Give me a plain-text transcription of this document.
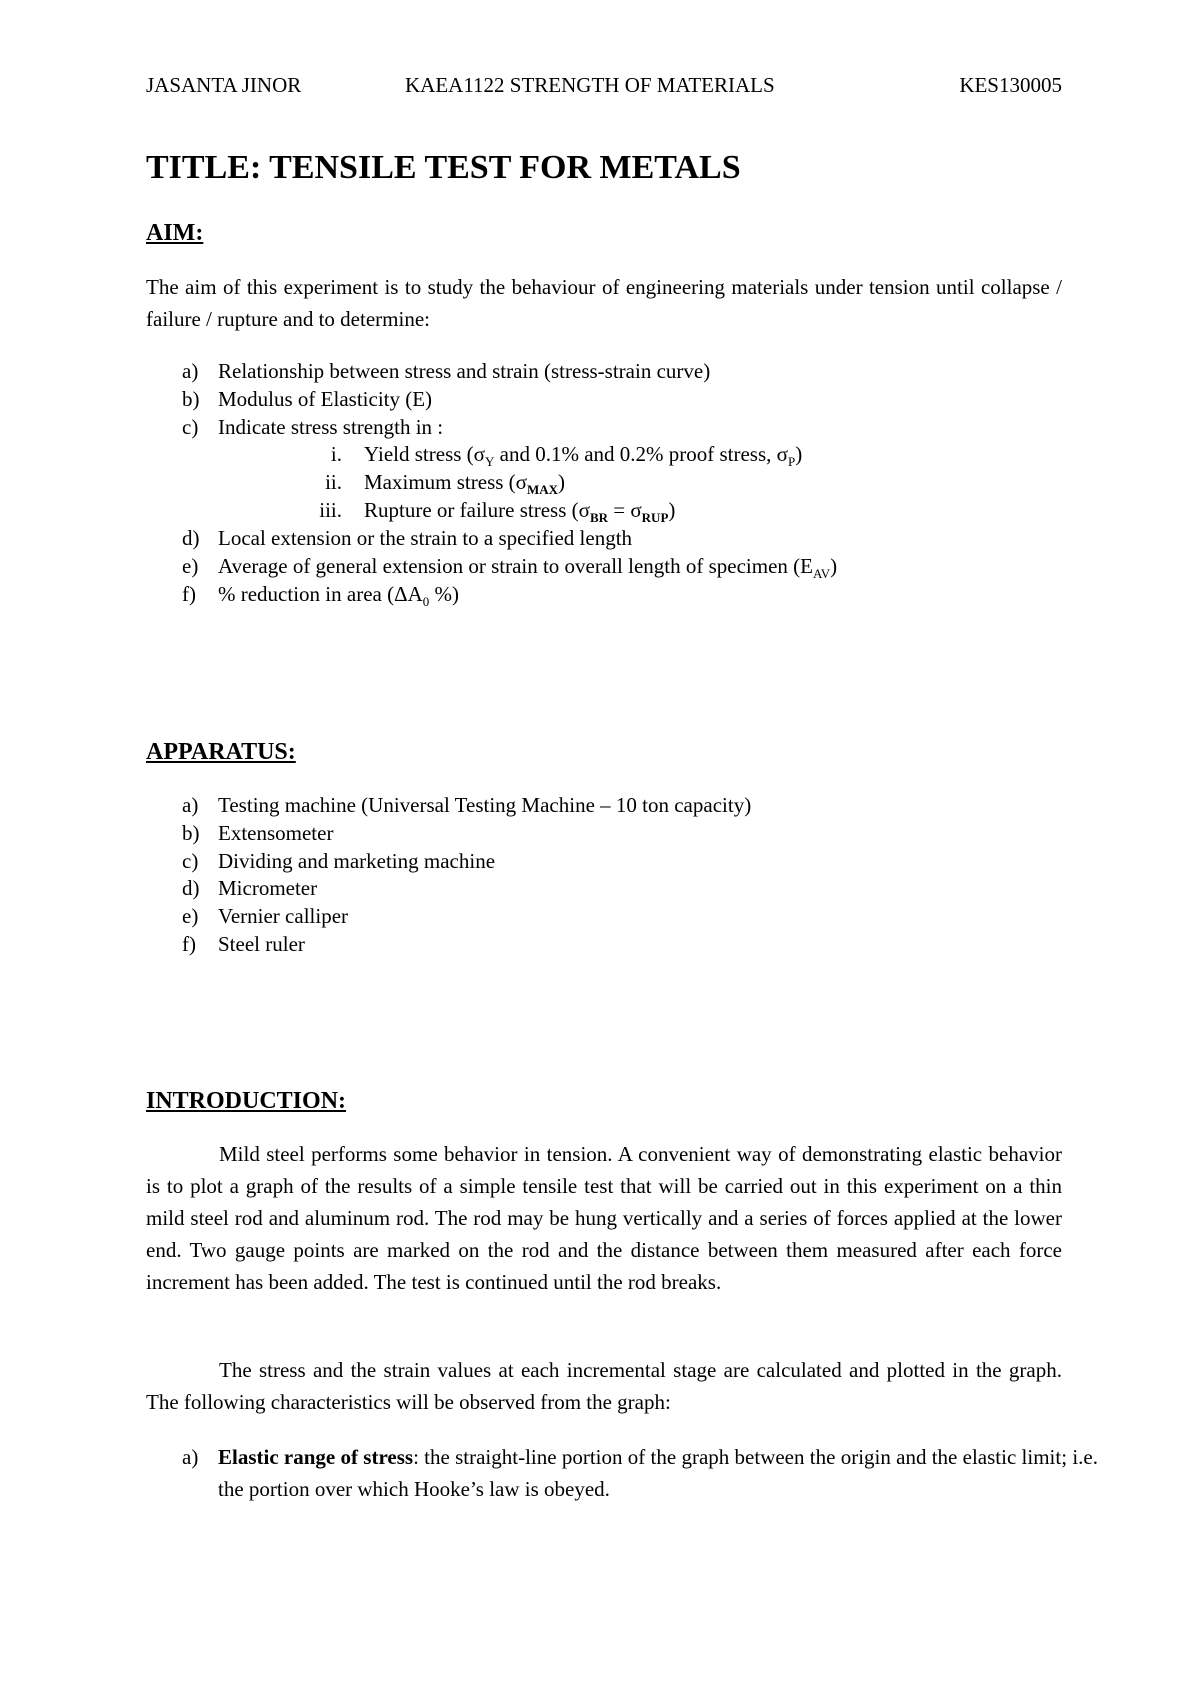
JASANTA JINOR	KAEA1122 STRENGTH OF MATERIALS	KES130005
TITLE: TENSILE TEST FOR METALS
AIM:

The aim of this experiment is to study the behaviour of engineering materials under tension until collapse / failure / rupture and to determine:

a) Relationship between stress and strain (stress-strain curve)
b) Modulus of Elasticity (E)
c) Indicate stress strength in :
i. Yield stress ($\sigma_Y$ and 0.1% and 0.2% proof stress, $\sigma_P$)
ii. Maximum stress $(\sigma_{MAX})$
iii. Rupture or failure stress $(\sigma_{BR} = \sigma_{RUP})$
d) Local extension or the strain to a specified length
e) Average of general extension or strain to overall length of specimen $(E_{AV})$
f) % reduction in area ($\Delta A_0$ %)
APPARATUS:
a) Testing machine (Universal Testing Machine – 10 ton capacity)
b) Extensometer
c) Dividing and marketing machine
d) Micrometer
e) Vernier calliper
f) Steel ruler
INTRODUCTION:

Mild steel performs some behavior in tension. A convenient way of demonstrating elastic behavior is to plot a graph of the results of a simple tensile test that will be carried out in this experiment on a thin mild steel rod and aluminum rod. The rod may be hung vertically and a series of forces applied at the lower end. Two gauge points are marked on the rod and the distance between them measured after each force increment has been added. The test is continued until the rod breaks.

The stress and the strain values at each incremental stage are calculated and plotted in the graph. The following characteristics will be observed from the graph:

a) Elastic range of stress: the straight-line portion of the graph between the origin and the elastic limit; i.e. the portion over which Hooke’s law is obeyed.
